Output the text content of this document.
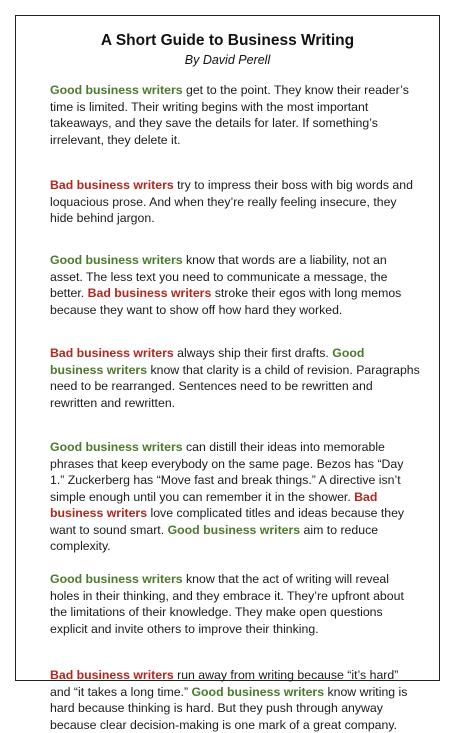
A Short Guide to Business Writing
By David Perell

Good business writers get to the point. They know their reader’s time is limited. Their writing begins with the most important takeaways, and they save the details for later. If something’s irrelevant, they delete it.

Bad business writers try to impress their boss with big words and loquacious prose. And when they’re really feeling insecure, they hide behind jargon.

Good business writers know that words are a liability, not an asset. The less text you need to communicate a message, the better. Bad business writers stroke their egos with long memos because they want to show off how hard they worked.

Bad business writers always ship their first drafts. Good business writers know that clarity is a child of revision. Paragraphs need to be rearranged. Sentences need to be rewritten and rewritten and rewritten.

Good business writers can distill their ideas into memorable phrases that keep everybody on the same page. Bezos has “Day 1.” Zuckerberg has “Move fast and break things.” A directive isn’t simple enough until you can remember it in the shower. Bad business writers love complicated titles and ideas because they want to sound smart. Good business writers aim to reduce complexity.

Good business writers know that the act of writing will reveal holes in their thinking, and they embrace it. They’re upfront about the limitations of their knowledge. They make open questions explicit and invite others to improve their thinking.

Bad business writers run away from writing because “it’s hard” and “it takes a long time.” Good business writers know writing is hard because thinking is hard. But they push through anyway because clear decision-making is one mark of a great company.
